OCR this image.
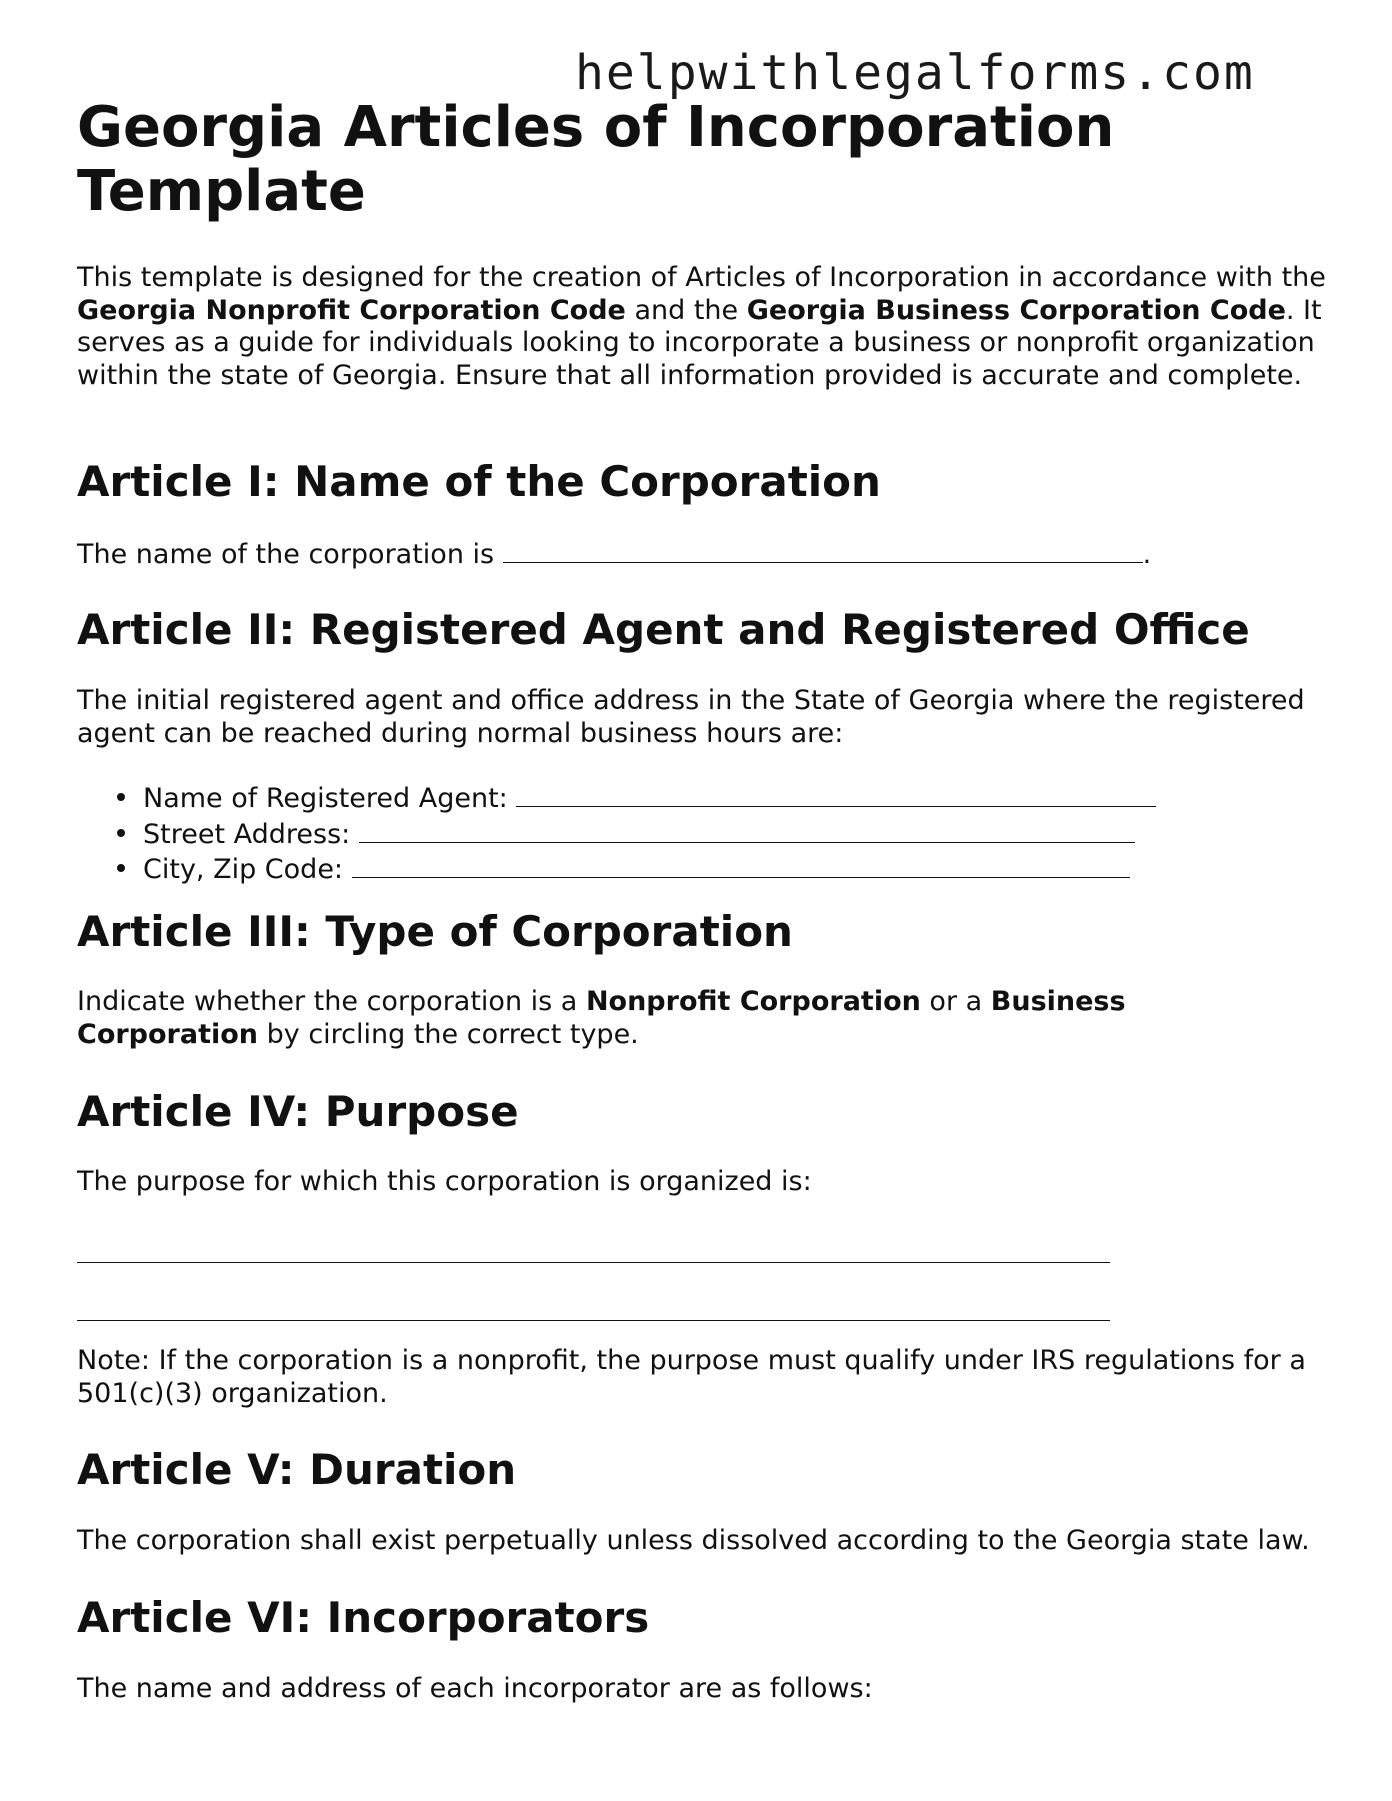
helpwithlegalforms.com
Georgia Articles of Incorporation Template

This template is designed for the creation of Articles of Incorporation in accordance with the Georgia Nonprofit Corporation Code and the Georgia Business Corporation Code. It serves as a guide for individuals looking to incorporate a business or nonprofit organization within the state of Georgia. Ensure that all information provided is accurate and complete.

Article I: Name of the Corporation

The name of the corporation is	.

Article II: Registered Agent and Registered Office

The initial registered agent and office address in the State of Georgia where the registered agent can be reached during normal business hours are:

Name of Registered Agent:
Street Address:
City, Zip Code:
Article III: Type of Corporation

Indicate whether the corporation is a Nonprofit Corporation or a Business Corporation by circling the correct type.

Article IV: Purpose

The purpose for which this corporation is organized is:

Note: If the corporation is a nonprofit, the purpose must qualify under IRS regulations for a 501(c)(3) organization.

Article V: Duration

The corporation shall exist perpetually unless dissolved according to the Georgia state law.

Article VI: Incorporators

The name and address of each incorporator are as follows:
